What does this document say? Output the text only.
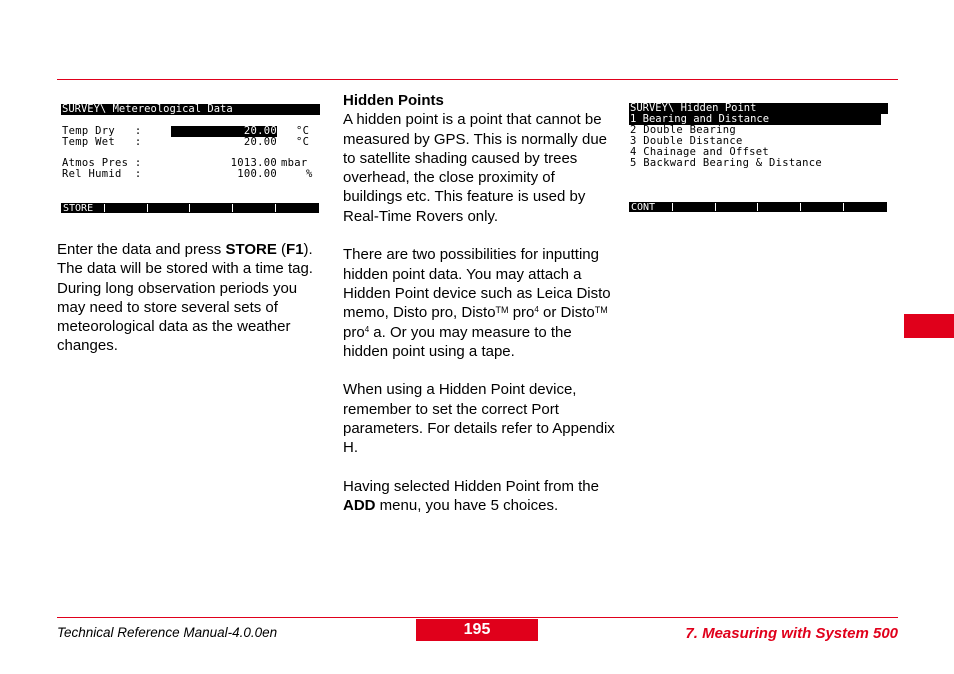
SURVEY\ Metereological Data
Temp Dry   :	20.00 °C
Temp Wet   :	20.00 °C
Atmos Pres :	1013.00 mbar
Rel Humid  :	100.00	%
STORE

Enter the data and press STORE (F1). The data will be stored with a time tag. During long observation periods you may need to store several sets of meteorological data as the weather changes.

Hidden Points

A hidden point is a point that cannot be measured by GPS. This is normally due to satellite shading caused by trees overhead, the close proximity of buildings etc. This feature is used by Real-Time Rovers only.

There are two possibilities for inputting hidden point data. You may attach a Hidden Point device such as Leica Disto memo, Disto pro, Disto™ pro$^4$ or Disto™ pro$^4$ a. Or you may measure to the hidden point using a tape.

When using a Hidden Point device, remember to set the correct Port parameters. For details refer to Appendix H.

Having selected Hidden Point from the ADD menu, you have 5 choices.

SURVEY\ Hidden Point
1 Bearing and Distance
2 Double Bearing
3 Double Distance
4 Chainage and Offset
5 Backward Bearing & Distance
CONT
Technical Reference Manual-4.0.0en	195	7. Measuring with System 500
